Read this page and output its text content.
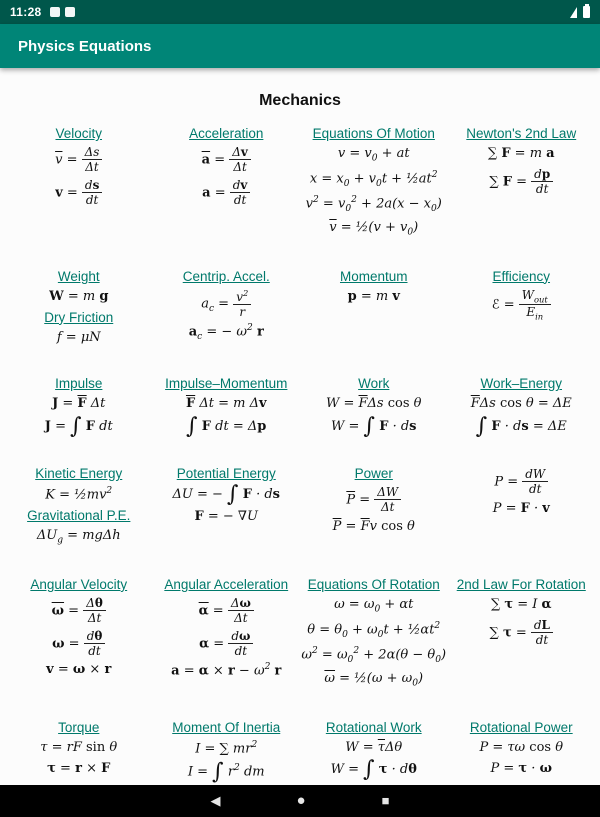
11:28
Physics Equations
Mechanics
Velocity
$\overline{v} = \frac{\Delta s}{\Delta t}$
$v = \frac{ds}{dt}$
Acceleration
$\overline{a} = \frac{\Delta v}{\Delta t}$
$a = \frac{dv}{dt}$
Equations Of Motion
$v = v_0$ + at
$x = x_0 + v_0t$ + $\frac{1}{2}at^2$
$v^2 = v_0^2 + 2a(x - x_0)$
$\overline{v}$ = ½(v + $v_0$)
Newton's 2nd Law
∑ F = m a
∑ $F = \frac{dp}{dt}$
Weight
W = m g
Dry Friction
f = μN
Centrip. Accel.
$a_c = \frac{v^2}{r}$
$a_c$ = − $\omega^2$ r
Momentum
p = m v
Efficiency
ℰ =
$W_{out}$
$E_{in}$
Impulse
$J = \overline{F}$ Δt
J = ∫ F dt
Impulse–Momentum
$\overline{F}$ Δt = m Δv
∫ F dt = Δp
Work
$W = \overline{F}\Delta s$ cos θ
W = ∫ F · ds
Work–Energy
$\overline{F}\Delta s$ cos θ = ΔE
∫ F · ds = ΔE
Kinetic Energy
$K = \frac{1}{2}mv^2$
Gravitational P.E.
$\Delta U_g = mg\Delta h$
Potential Energy
ΔU = − ∫ F · ds
F = − ∇U
Power
$\overline{P} = \frac{\Delta W}{\Delta t}$
$\overline{P} = \overline{F}v$ cos θ
$P = \frac{dW}{dt}$
P = F · v
Angular Velocity
$\overline{\omega} = \frac{\Delta\theta}{\Delta t}$
$\omega = \frac{d\theta}{dt}$
v = ω × r
Angular Acceleration
$\overline{\alpha} = \frac{\Delta\omega}{\Delta t}$
$\alpha = \frac{d\omega}{dt}$
$a = \alpha \times r - \omega^2$ r
Equations Of Rotation
$\omega = \omega_0 + \alpha t$
$\theta = \theta_0 + \omega_0t$ + $\frac{1}{2}\alpha t^2$
$\omega^2 = \omega_0^2 + 2\alpha(\theta - \theta_0)$
$\overline{\omega}$ = ½(ω + $\omega_0$)
2nd Law For Rotation
∑ τ = I α
∑ $\tau = \frac{dL}{dt}$
Torque
τ = rF sin θ
τ = r × F
Moment Of Inertia
I = ∑ $mr^2$
I = ∫ $r^2$ dm
Rotational Work
$W = \overline{\tau}\Delta\theta$
W = ∫ τ · dθ
Rotational Power
P = τω cos θ
P = τ · ω
◀	●	■
